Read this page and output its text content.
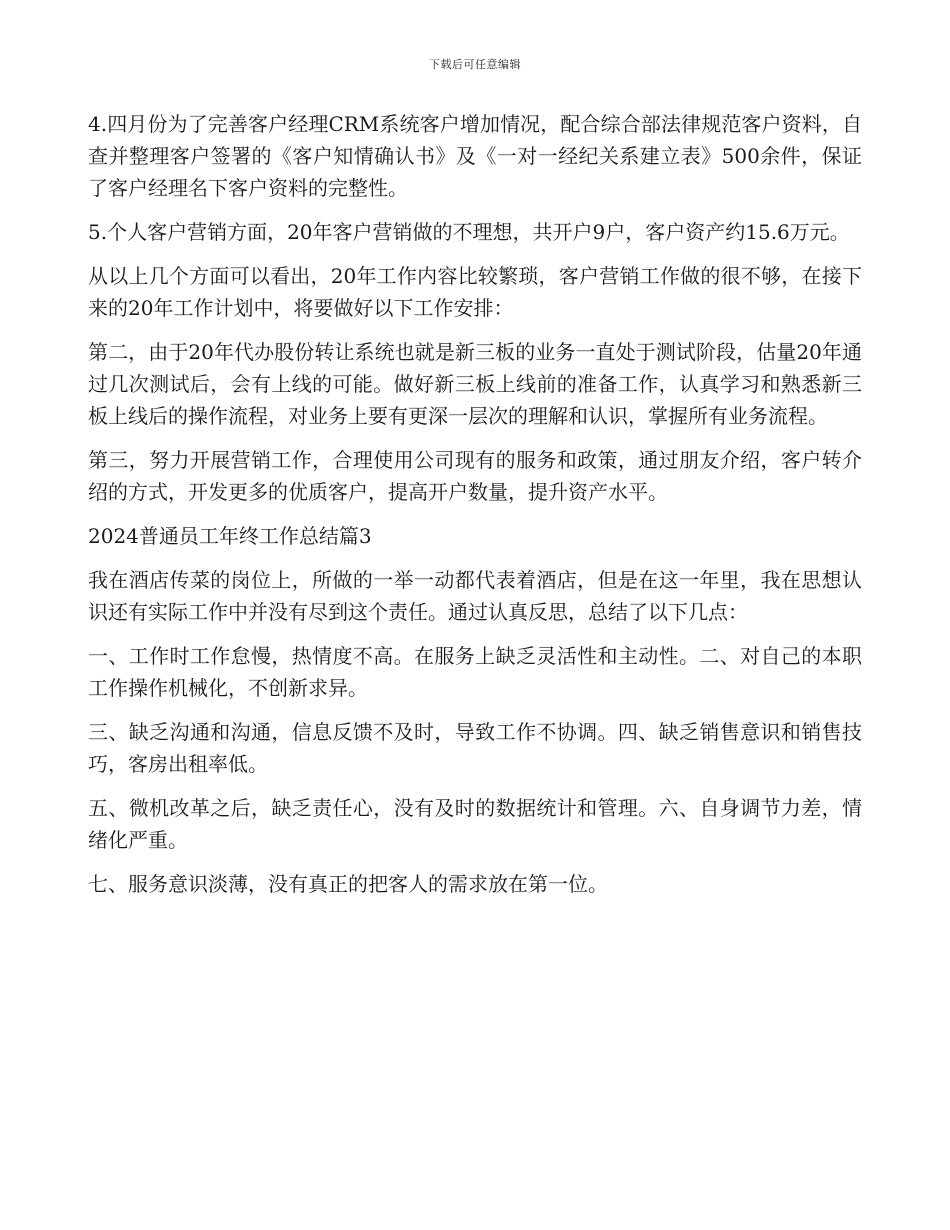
下载后可任意编辑

4.四月份为了完善客户经理CRM系统客户增加情况，配合综合部法律规范客户资料，自查并整理客户签署的《客户知情确认书》及《一对一经纪关系建立表》500余件，保证了客户经理名下客户资料的完整性。

5.个人客户营销方面，20年客户营销做的不理想，共开户9户，客户资产约15.6万元。

从以上几个方面可以看出，20年工作内容比较繁琐，客户营销工作做的很不够，在接下来的20年工作计划中，将要做好以下工作安排：

第二，由于20年代办股份转让系统也就是新三板的业务一直处于测试阶段，估量20年通过几次测试后，会有上线的可能。做好新三板上线前的准备工作，认真学习和熟悉新三板上线后的操作流程，对业务上要有更深一层次的理解和认识，掌握所有业务流程。

第三，努力开展营销工作，合理使用公司现有的服务和政策，通过朋友介绍，客户转介绍的方式，开发更多的优质客户，提高开户数量，提升资产水平。

2024普通员工年终工作总结篇3

我在酒店传菜的岗位上，所做的一举一动都代表着酒店，但是在这一年里，我在思想认识还有实际工作中并没有尽到这个责任。通过认真反思，总结了以下几点：

一、工作时工作怠慢，热情度不高。在服务上缺乏灵活性和主动性。二、对自己的本职工作操作机械化，不创新求异。

三、缺乏沟通和沟通，信息反馈不及时，导致工作不协调。四、缺乏销售意识和销售技巧，客房出租率低。

五、微机改革之后，缺乏责任心，没有及时的数据统计和管理。六、自身调节力差，情绪化严重。

七、服务意识淡薄，没有真正的把客人的需求放在第一位。
